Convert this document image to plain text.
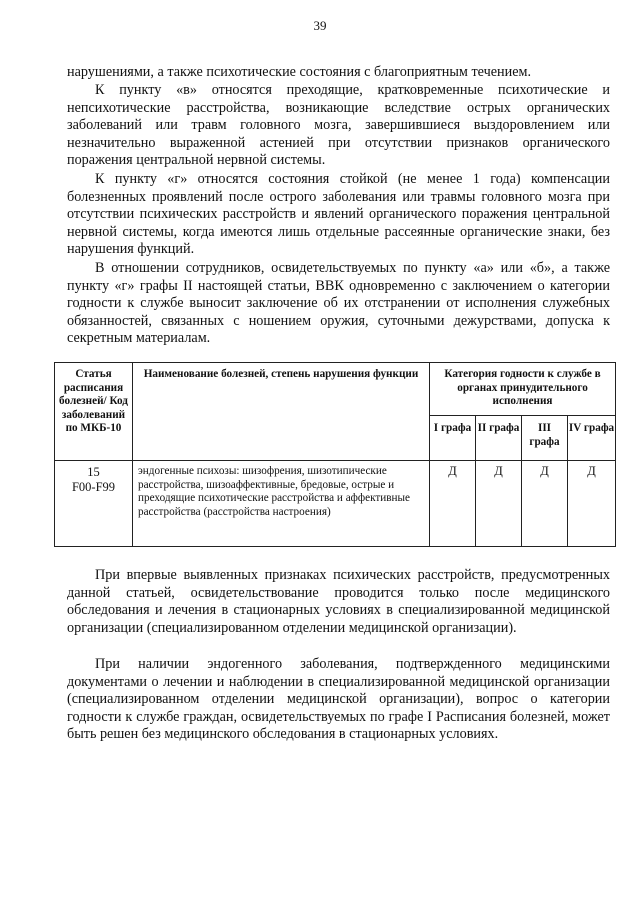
39

нарушениями, а также психотические состояния с благоприятным течением.

К пункту «в» относятся преходящие, кратковременные психотические и непсихотические расстройства, возникающие вследствие острых органических заболеваний или травм головного мозга, завершившиеся выздоровлением или незначительно выраженной астенией при отсутствии признаков органического поражения центральной нервной системы.

К пункту «г» относятся состояния стойкой (не менее 1 года) компенсации болезненных проявлений после острого заболевания или травмы головного мозга при отсутствии психических расстройств и явлений органического поражения центральной нервной системы, когда имеются лишь отдельные рассеянные органические знаки, без нарушения функций.

В отношении сотрудников, освидетельствуемых по пункту «а» или «б», а также пункту «г» графы II настоящей статьи, ВВК одновременно с заключением о категории годности к службе выносит заключение об их отстранении от исполнения служебных обязанностей, связанных с ношением оружия, суточными дежурствами, допуска к секретным материалам.

Статья расписания болезней/ Код заболеваний по МКБ-10	Наименование болезней, степень нарушения функции	Категория годности к службе в органах принудительного исполнения			
		I графа	II графа	III графа	IV графа

15
F00-F99	эндогенные психозы: шизофрения, шизотипические расстройства, шизоаффективные, бредовые, острые и преходящие психотические расстройства и аффективные расстройства (расстройства настроения)	Д	Д	Д	Д

При впервые выявленных признаках психических расстройств, предусмотренных данной статьей, освидетельствование проводится только после медицинского обследования и лечения в стационарных условиях в специализированной медицинской организации (специализированном отделении медицинской организации).

При наличии эндогенного заболевания, подтвержденного медицинскими документами о лечении и наблюдении в специализированной медицинской организации (специализированном отделении медицинской организации), вопрос о категории годности к службе граждан, освидетельствуемых по графе I Расписания болезней, может быть решен без медицинского обследования в стационарных условиях.
